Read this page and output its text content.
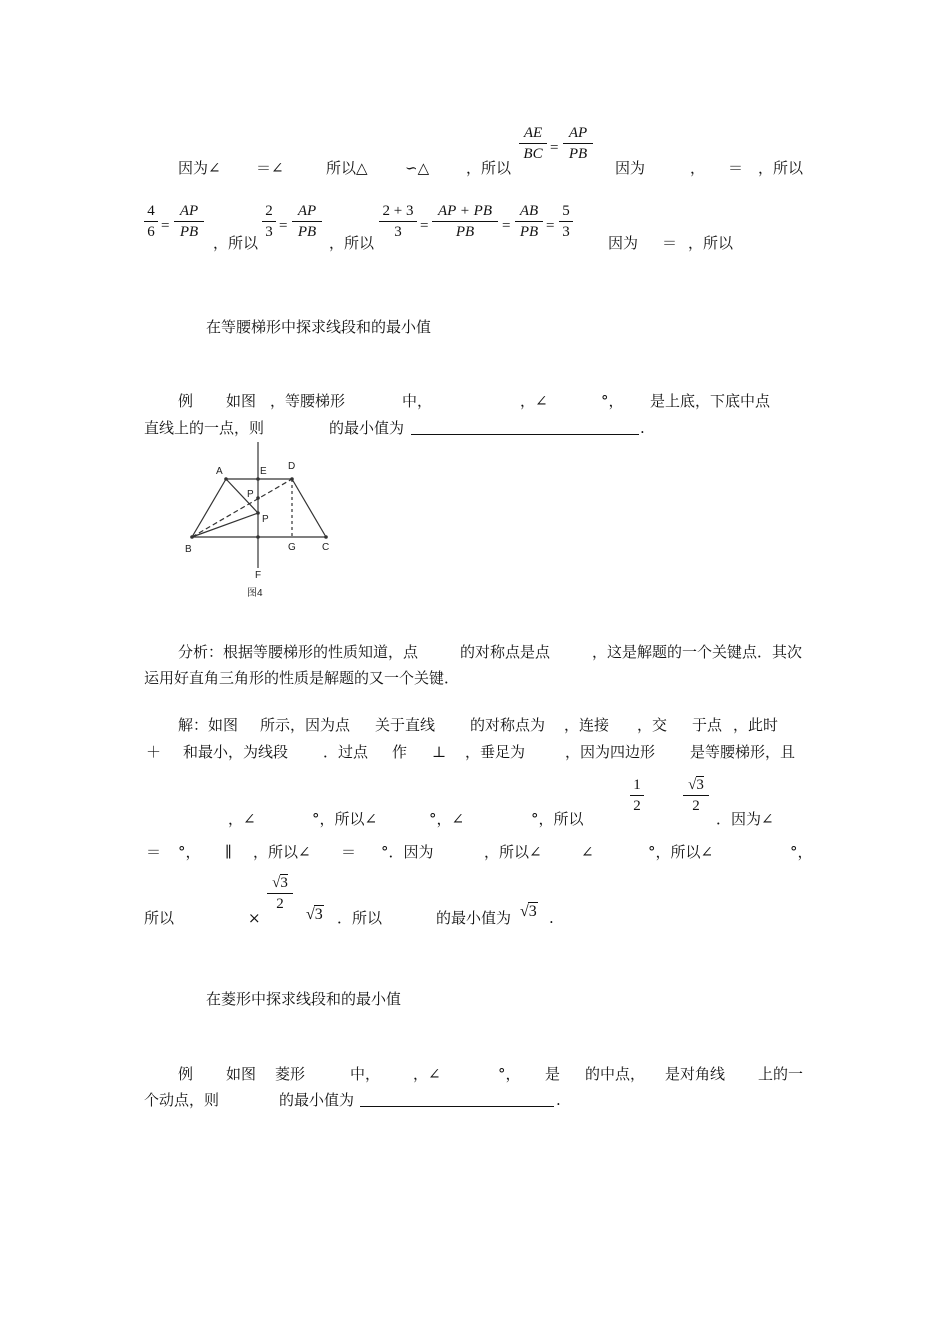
因为∠ ＝∠	所以△ ∽△ ，所以
AE
BC =
AP
PB
因为	， ＝ ，所以
4
6 =
AP
PB
，所以
2
3 =
AP
PB
，所以
2 + 3
3	=
AP + PB
PB	=
AB
PB =
5
3
因为 ＝ ，所以
在等腰梯形中探求线段和的最小值
例 如图 ，等腰梯形	中，	，∠	°， 是上底，下底中点
直线上的一点，则	的最小值为	.
A	E D
P
P
B	G	C
F
图4
分析：根据等腰梯形的性质知道，点	的对称点是点	，这是解题的一个关键点．其次
运用好直角三角形的性质是解题的又一个关键．
解：如图 所示，因为点 关于直线 的对称点为 ，连接 ，交 于点 ，此时
＋ 和最小，为线段 ．过点 作 ⊥ ，垂足为	，因为四边形 是等腰梯形，且
1
2
√3
2
，∠	°，所以∠	°，∠	°，所以	．因为∠
＝ °， ∥ ，所以∠ ＝ °．因为	，所以∠	∠	°，所以∠	°，
√3
2
所以	×	√3 ．所以	的最小值为 √3 .
在菱形中探求线段和的最小值
例 如图 菱形	中， ，∠	°， 是 的中点， 是对角线 上的一
个动点，则	的最小值为	.
